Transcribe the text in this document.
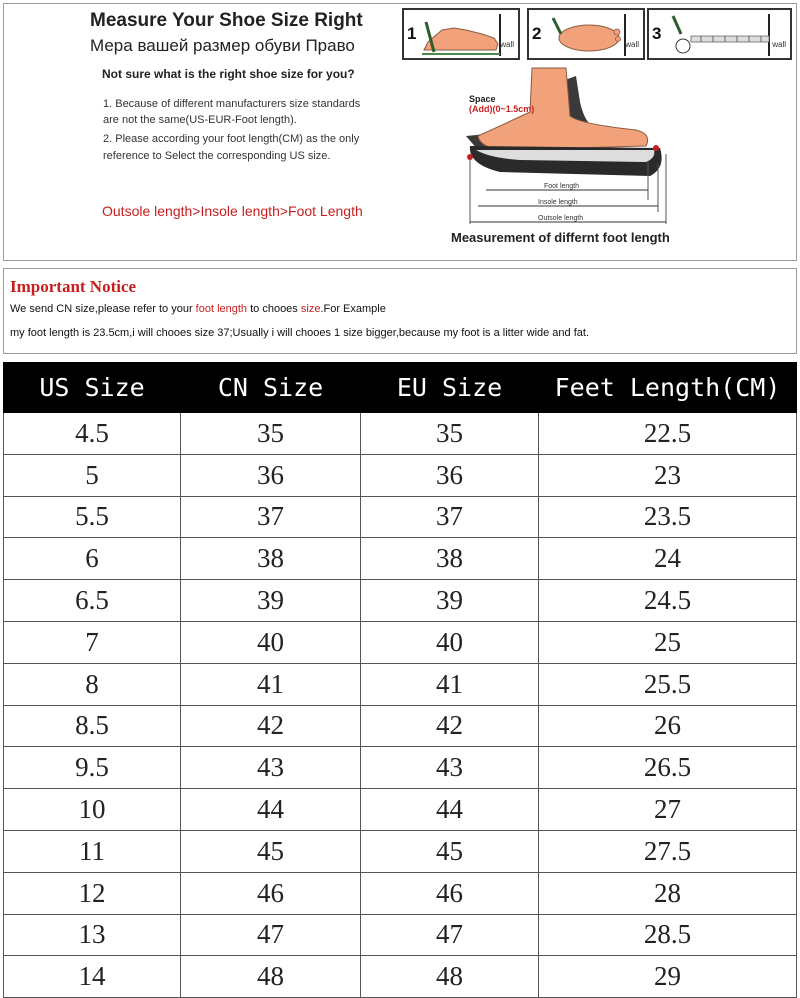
Measure Your Shoe Size Right
Мера вашей размер обуви Право
Not sure what is the right shoe size for you?
1. Because of different manufacturers size standards
are not the same(US-EUR-Foot length).
2. Please according your foot length(CM) as the only
reference to Select the corresponding US size.
Outsole length>Insole length>Foot Length
1
wall
2
wall
3
wall
Foot length
Insole length
Outsole length
Space
(Add)(0~1.5cm)
Measurement of differnt foot length
Important Notice
We send CN size,please refer to your foot length to chooes size.For Example
my foot length is 23.5cm,i will chooes size 37;Usually i will chooes 1 size bigger,because my foot is a litter wide and fat.
US Size	CN Size	EU Size	Feet Length(CM)
4.5	35	35	22.5
5	36	36	23
5.5	37	37	23.5
6	38	38	24
6.5	39	39	24.5
7	40	40	25
8	41	41	25.5
8.5	42	42	26
9.5	43	43	26.5
10	44	44	27
11	45	45	27.5
12	46	46	28
13	47	47	28.5
14	48	48	29
